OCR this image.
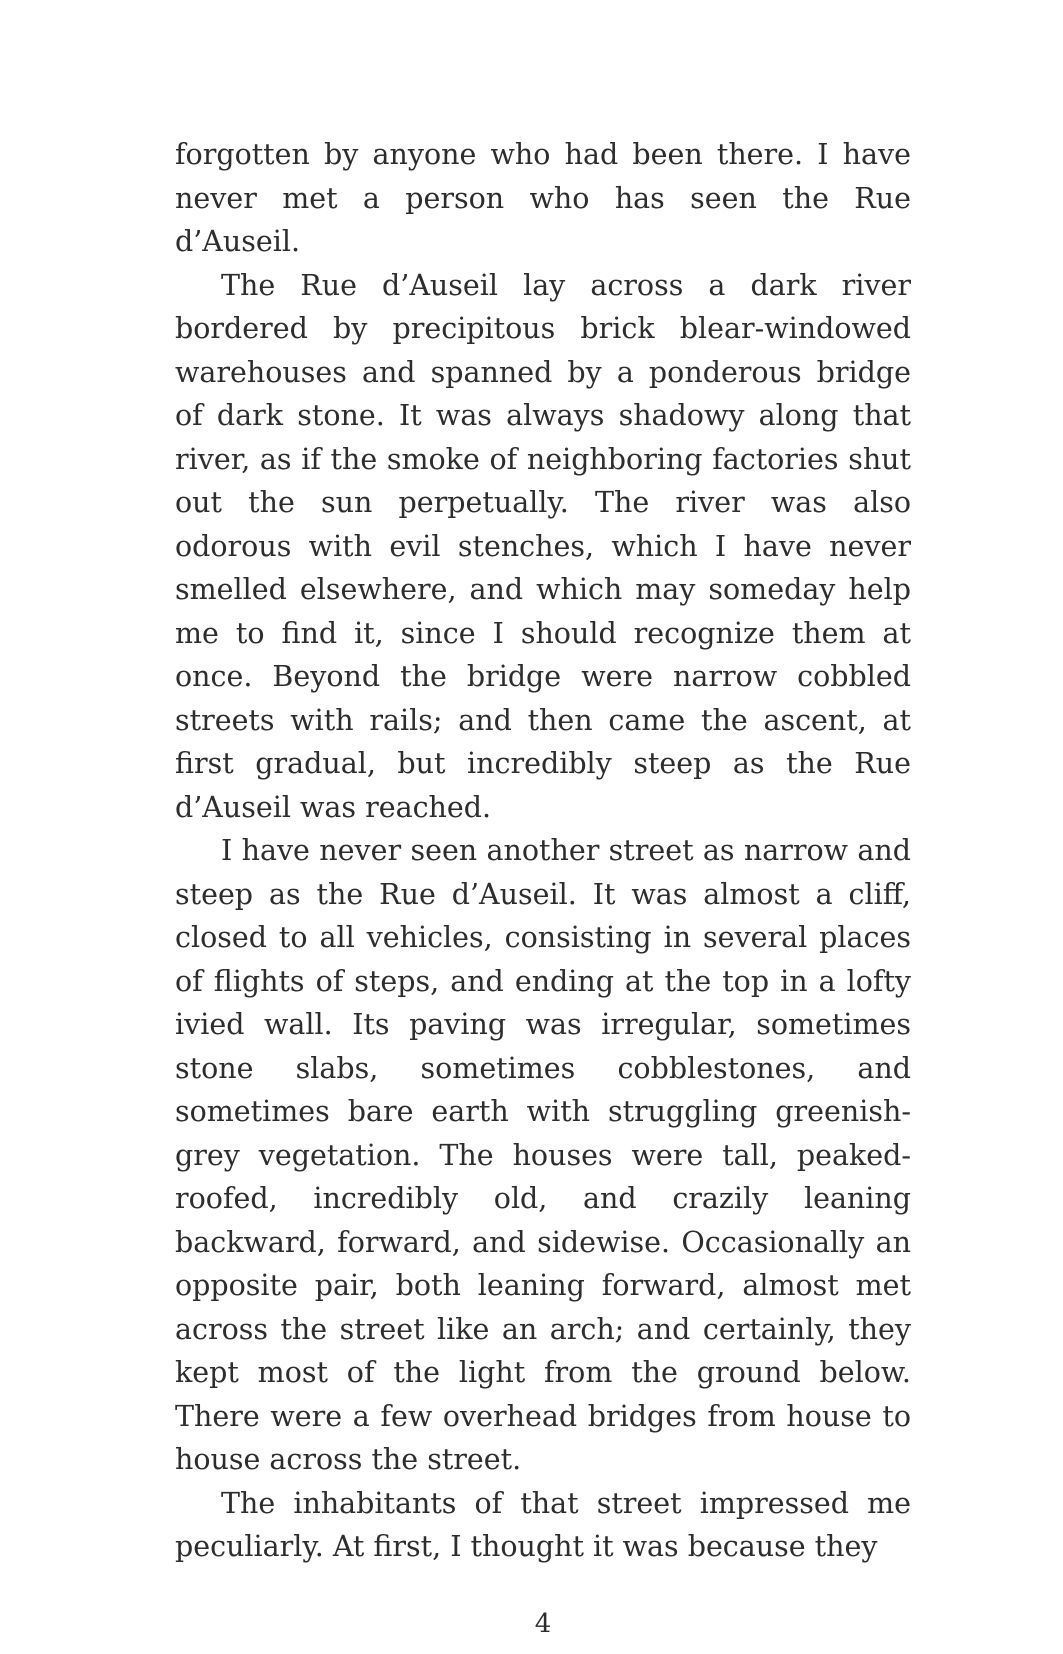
forgotten by anyone who had been there. I have never met a person who has seen the Rue d’Auseil.

The Rue d’Auseil lay across a dark river bordered by precipitous brick blear-windowed warehouses and spanned by a ponderous bridge of dark stone. It was always shadowy along that river, as if the smoke of neighboring factories shut out the sun perpetually. The river was also odorous with evil stenches, which I have never smelled elsewhere, and which may someday help me to find it, since I should recognize them at once. Beyond the bridge were narrow cobbled streets with rails; and then came the ascent, at first gradual, but incredibly steep as the Rue d’Auseil was reached.

I have never seen another street as narrow and steep as the Rue d’Auseil. It was almost a cliff, closed to all vehicles, consisting in several places of flights of steps, and ending at the top in a lofty ivied wall. Its paving was irregular, sometimes stone slabs, sometimes cobblestones, and sometimes bare earth with struggling greenish-grey vegetation. The houses were tall, peaked-roofed, incredibly old, and crazily leaning backward, forward, and sidewise. Occasionally an opposite pair, both leaning forward, almost met across the street like an arch; and certainly, they kept most of the light from the ground below. There were a few overhead bridges from house to house across the street.

The inhabitants of that street impressed me peculiarly. At first, I thought it was because they

4
